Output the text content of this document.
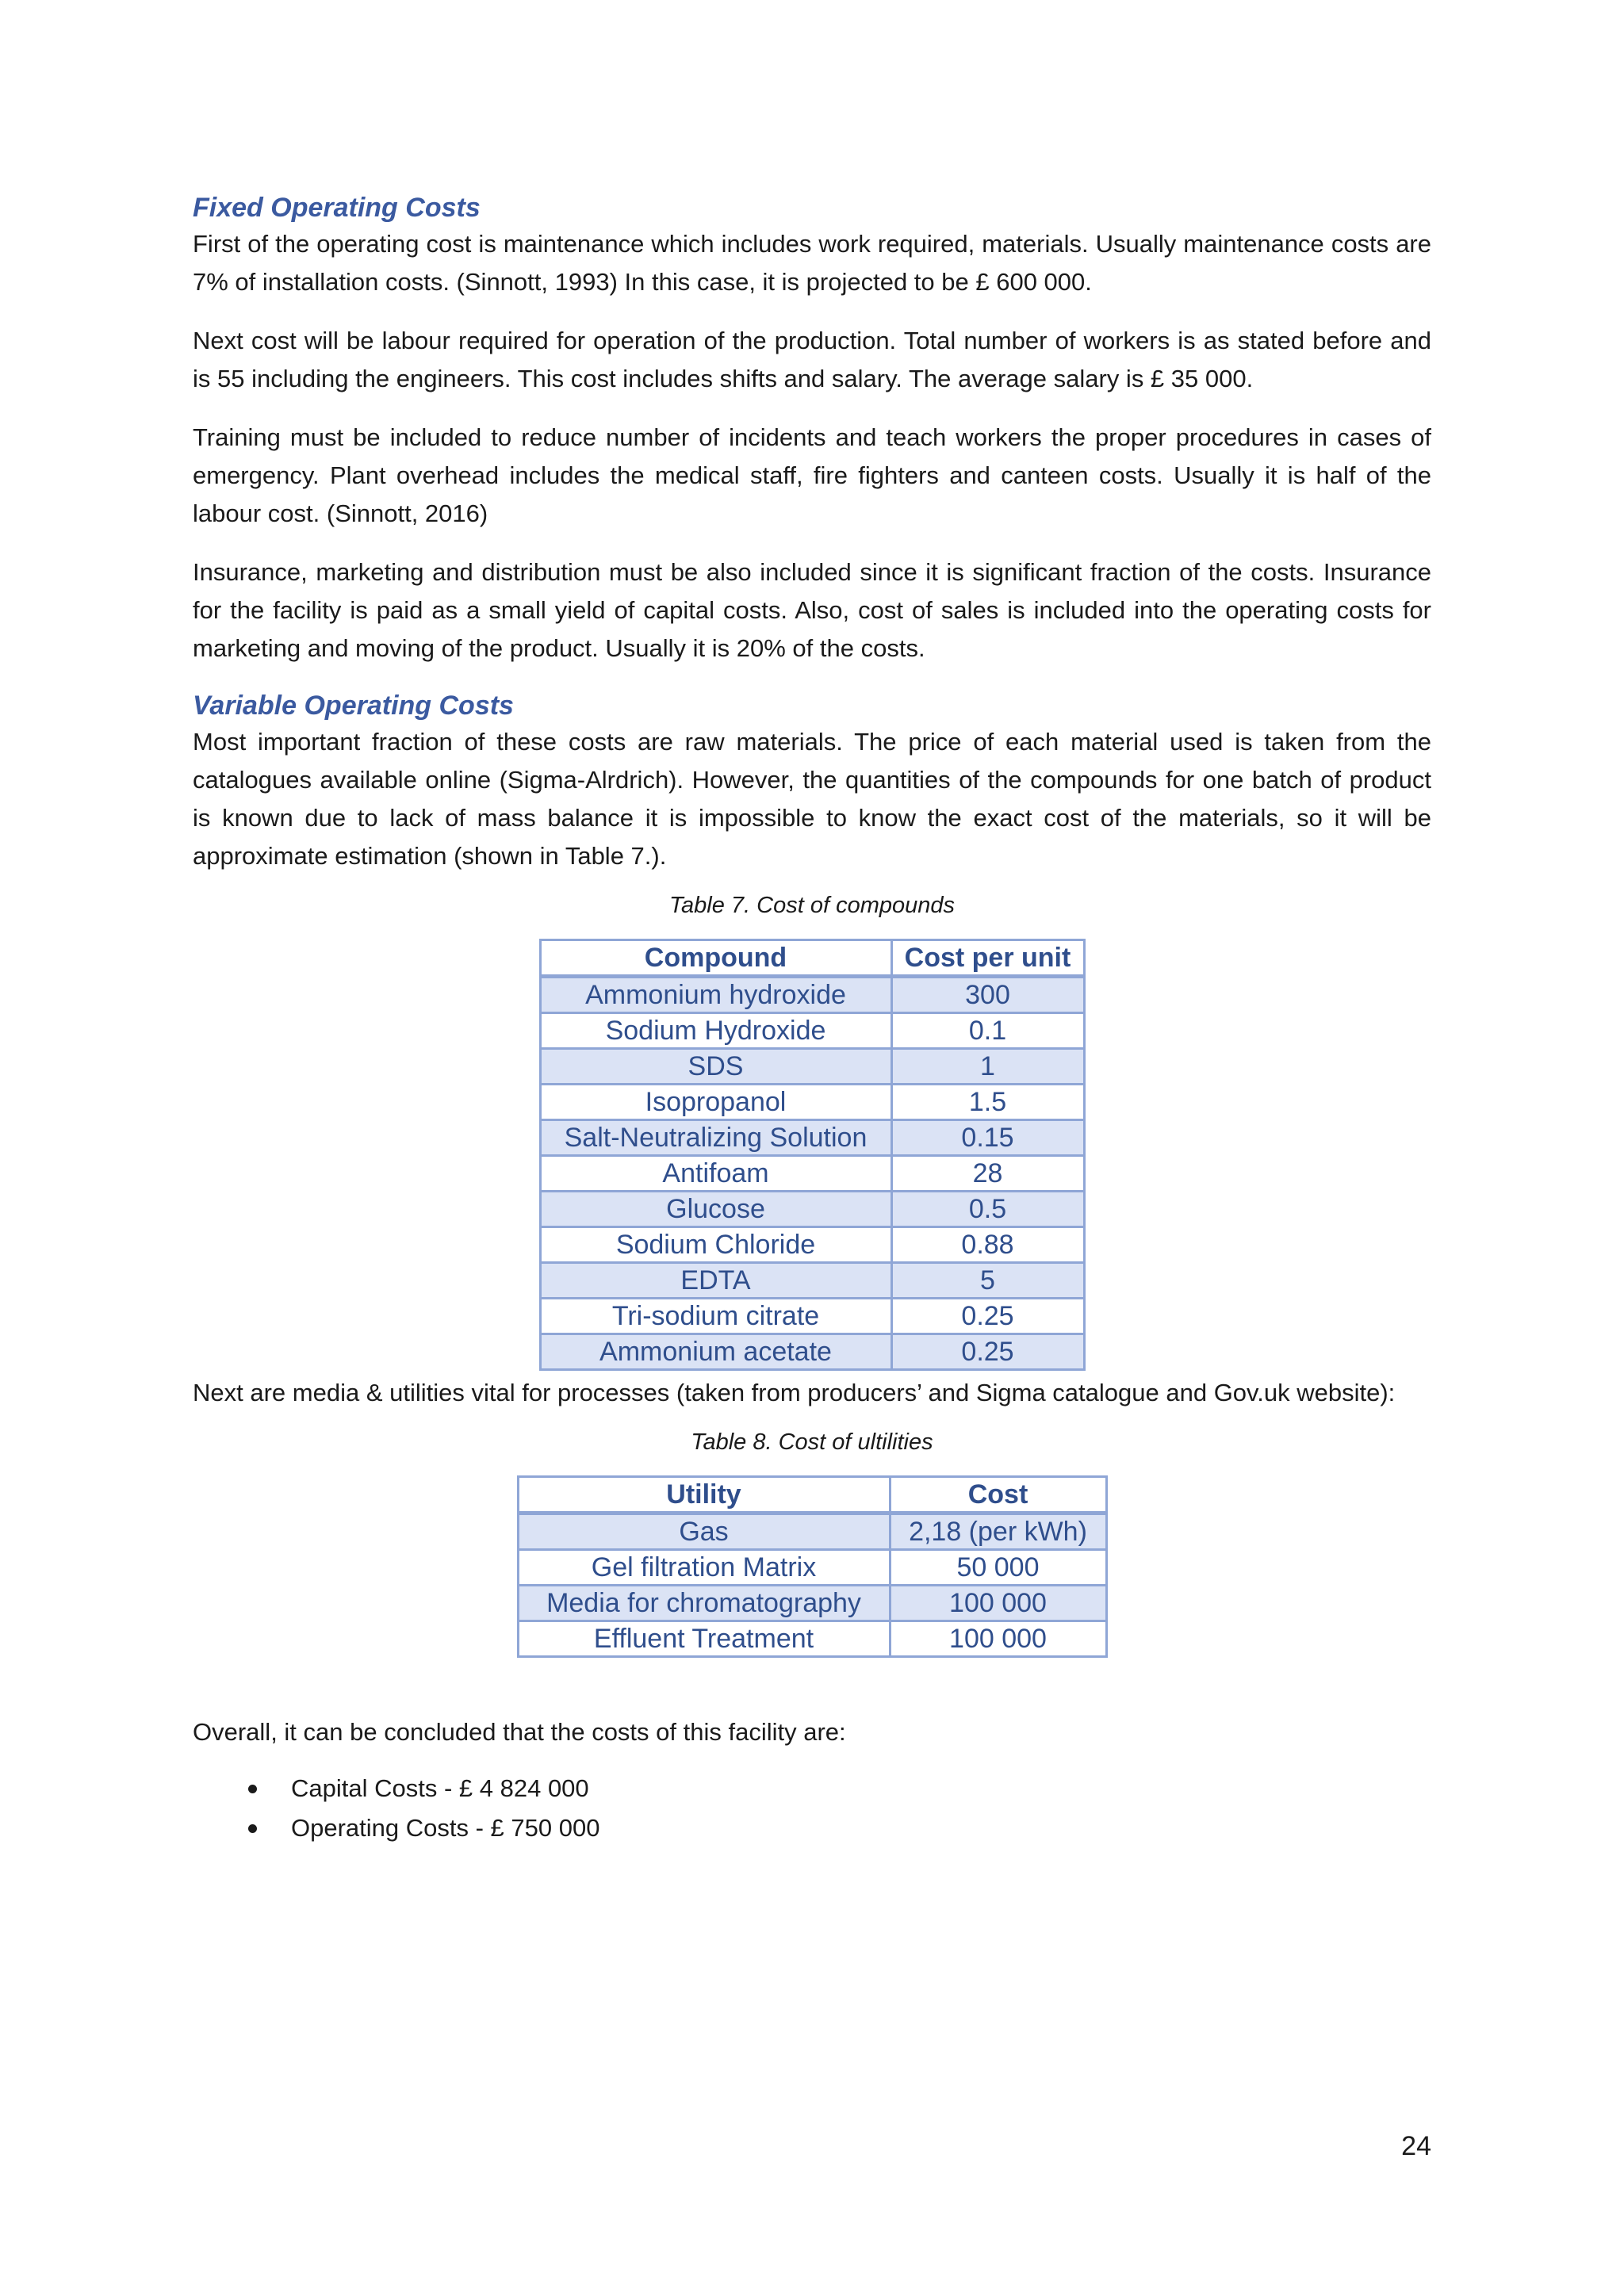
Fixed Operating Costs

First of the operating cost is maintenance which includes work required, materials. Usually maintenance costs are 7% of installation costs. (Sinnott, 1993) In this case, it is projected to be £ 600 000.

Next cost will be labour required for operation of the production. Total number of workers is as stated before and is 55 including the engineers. This cost includes shifts and salary. The average salary is £ 35 000.

Training must be included to reduce number of incidents and teach workers the proper procedures in cases of emergency. Plant overhead includes the medical staff, fire fighters and canteen costs. Usually it is half of the labour cost. (Sinnott, 2016)

Insurance, marketing and distribution must be also included since it is significant fraction of the costs. Insurance for the facility is paid as a small yield of capital costs. Also, cost of sales is included into the operating costs for marketing and moving of the product. Usually it is 20% of the costs.

Variable Operating Costs

Most important fraction of these costs are raw materials. The price of each material used is taken from the catalogues available online (Sigma-Alrdrich). However, the quantities of the compounds for one batch of product is known due to lack of mass balance it is impossible to know the exact cost of the materials, so it will be approximate estimation (shown in Table 7.).

Table 7. Cost of compounds
Compound	Cost per unit
Ammonium hydroxide	300
Sodium Hydroxide	0.1
SDS	1
Isopropanol	1.5
Salt-Neutralizing Solution	0.15
Antifoam	28
Glucose	0.5
Sodium Chloride	0.88
EDTA	5
Tri-sodium citrate	0.25
Ammonium acetate	0.25

Next are media & utilities vital for processes (taken from producers’ and Sigma catalogue and Gov.uk website):

Table 8. Cost of ultilities
Utility	Cost
Gas	2,18 (per kWh)
Gel filtration Matrix	50 000
Media for chromatography	100 000
Effluent Treatment	100 000

Overall, it can be concluded that the costs of this facility are:

Capital Costs - £ 4 824 000
Operating Costs - £ 750 000
24
